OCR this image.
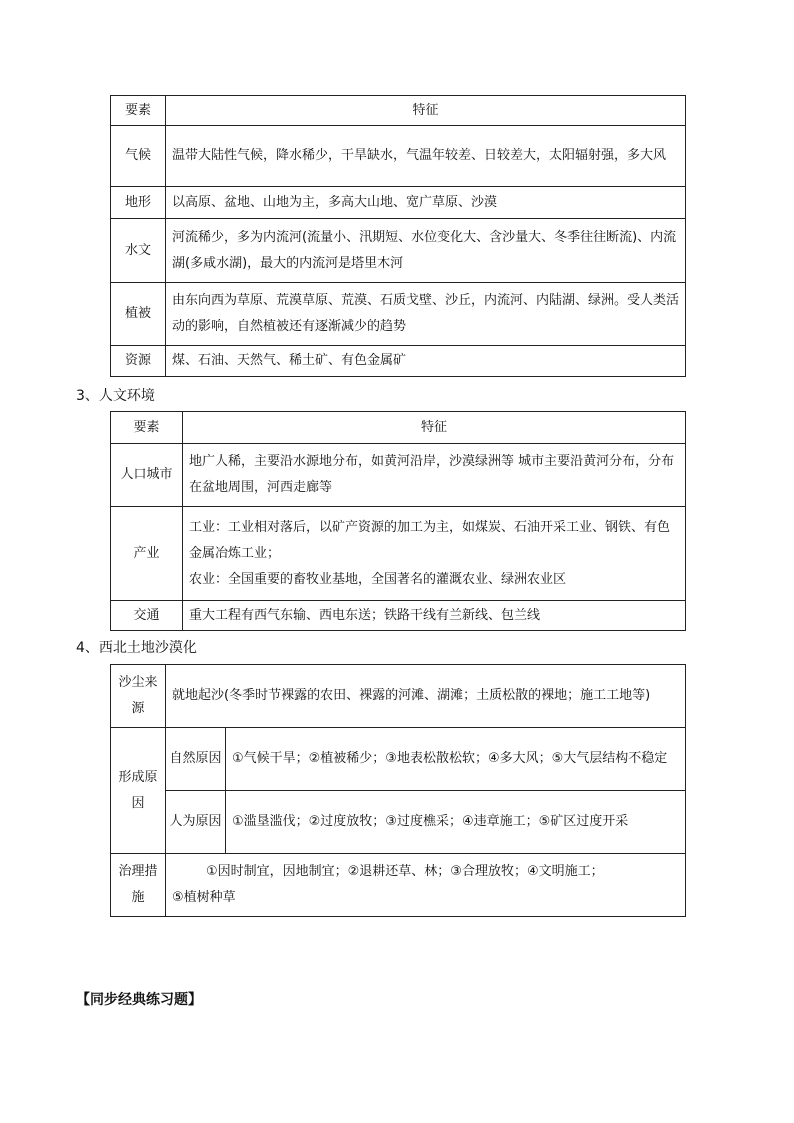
要素	特征
气候	温带大陆性气候，降水稀少，干旱缺水，气温年较差、日较差大，太阳辐射强，多大风
地形	以高原、盆地、山地为主，多高大山地、宽广草原、沙漠
水文	河流稀少，多为内流河(流量小、汛期短、水位变化大、含沙量大、冬季往往断流)、内流湖(多咸水湖)，最大的内流河是塔里木河
植被	由东向西为草原、荒漠草原、荒漠、石质戈壁、沙丘，内流河、内陆湖、绿洲。受人类活动的影响，自然植被还有逐渐减少的趋势
资源	煤、石油、天然气、稀土矿、有色金属矿
3、人文环境
要素	特征
人口城市	地广人稀，主要沿水源地分布，如黄河沿岸，沙漠绿洲等 城市主要沿黄河分布，分布在盆地周围，河西走廊等
产业	工业：工业相对落后，以矿产资源的加工为主，如煤炭、石油开采工业、钢铁、有色金属冶炼工业；
农业：全国重要的畜牧业基地，全国著名的灌溉农业、绿洲农业区

交通	重大工程有西气东输、西电东送；铁路干线有兰新线、包兰线
4、西北土地沙漠化
沙尘来源	就地起沙(冬季时节裸露的农田、裸露的河滩、湖滩；土质松散的裸地；施工工地等)	
形成原因	自然原因	①气候干旱；②植被稀少；③地表松散松软；④多大风；⑤大气层结构不稳定
	人为原因	①滥垦滥伐；②过度放牧；③过度樵采；④违章施工；⑤矿区过度开采
治理措施	①因时制宜，因地制宜；②退耕还草、林；③合理放牧；④文明施工；
⑤植树种草	
【同步经典练习题】
